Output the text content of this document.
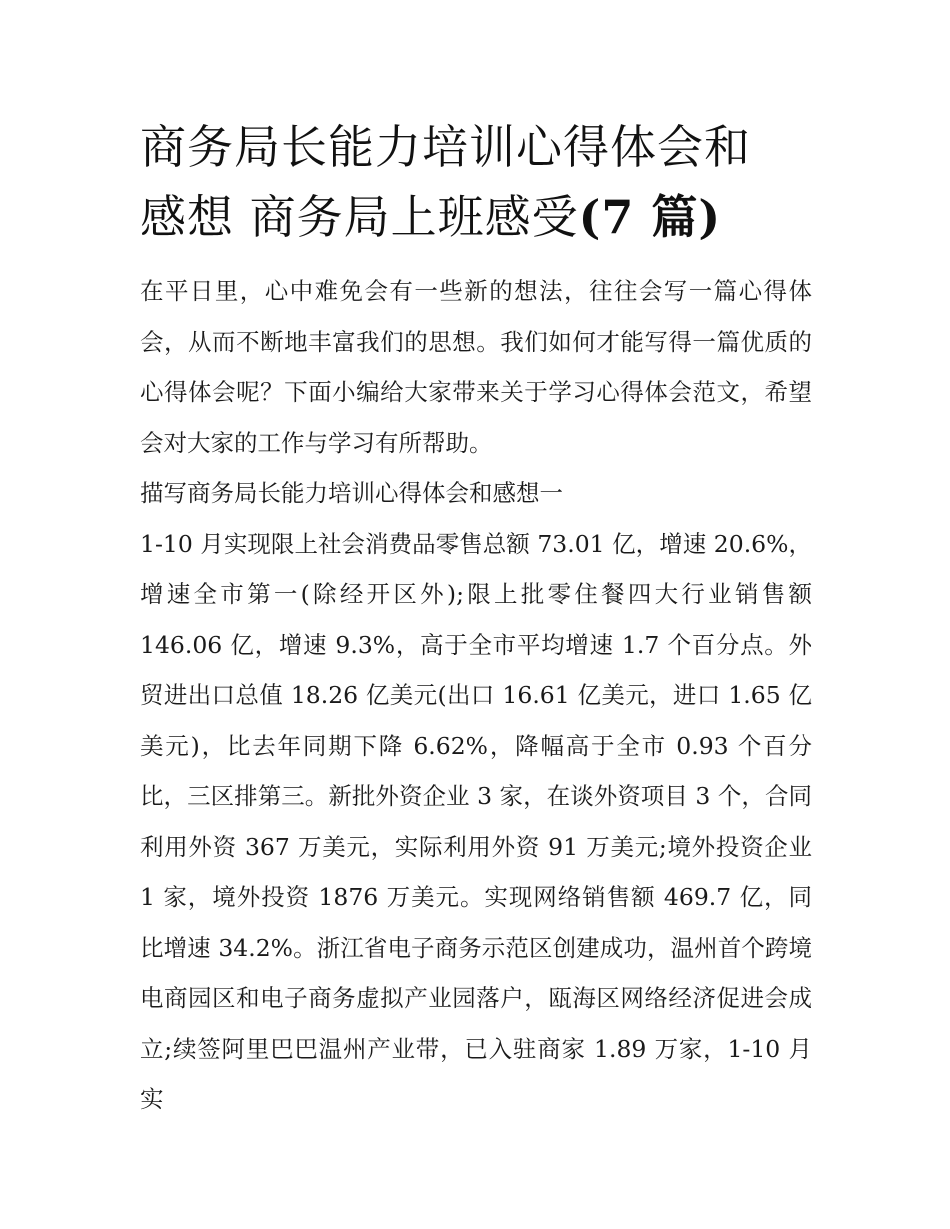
商务局长能力培训心得体会和
感想 商务局上班感受(7 篇)

在平日里，心中难免会有一些新的想法，往往会写一篇心得体会，从而不断地丰富我们的思想。我们如何才能写得一篇优质的心得体会呢？下面小编给大家带来关于学习心得体会范文，希望会对大家的工作与学习有所帮助。

描写商务局长能力培训心得体会和感想一

1-10 月实现限上社会消费品零售总额 73.01 亿，增速 20.6%，增速全市第一(除经开区外);限上批零住餐四大行业销售额 146.06 亿，增速 9.3%，高于全市平均增速 1.7 个百分点。外贸进出口总值 18.26 亿美元(出口 16.61 亿美元，进口 1.65 亿美元)，比去年同期下降 6.62%，降幅高于全市 0.93 个百分比，三区排第三。新批外资企业 3 家，在谈外资项目 3 个，合同利用外资 367 万美元，实际利用外资 91 万美元;境外投资企业 1 家，境外投资 1876 万美元。实现网络销售额 469.7 亿，同比增速 34.2%。浙江省电子商务示范区创建成功，温州首个跨境电商园区和电子商务虚拟产业园落户，瓯海区网络经济促进会成立;续签阿里巴巴温州产业带，已入驻商家 1.89 万家，1-10 月实
